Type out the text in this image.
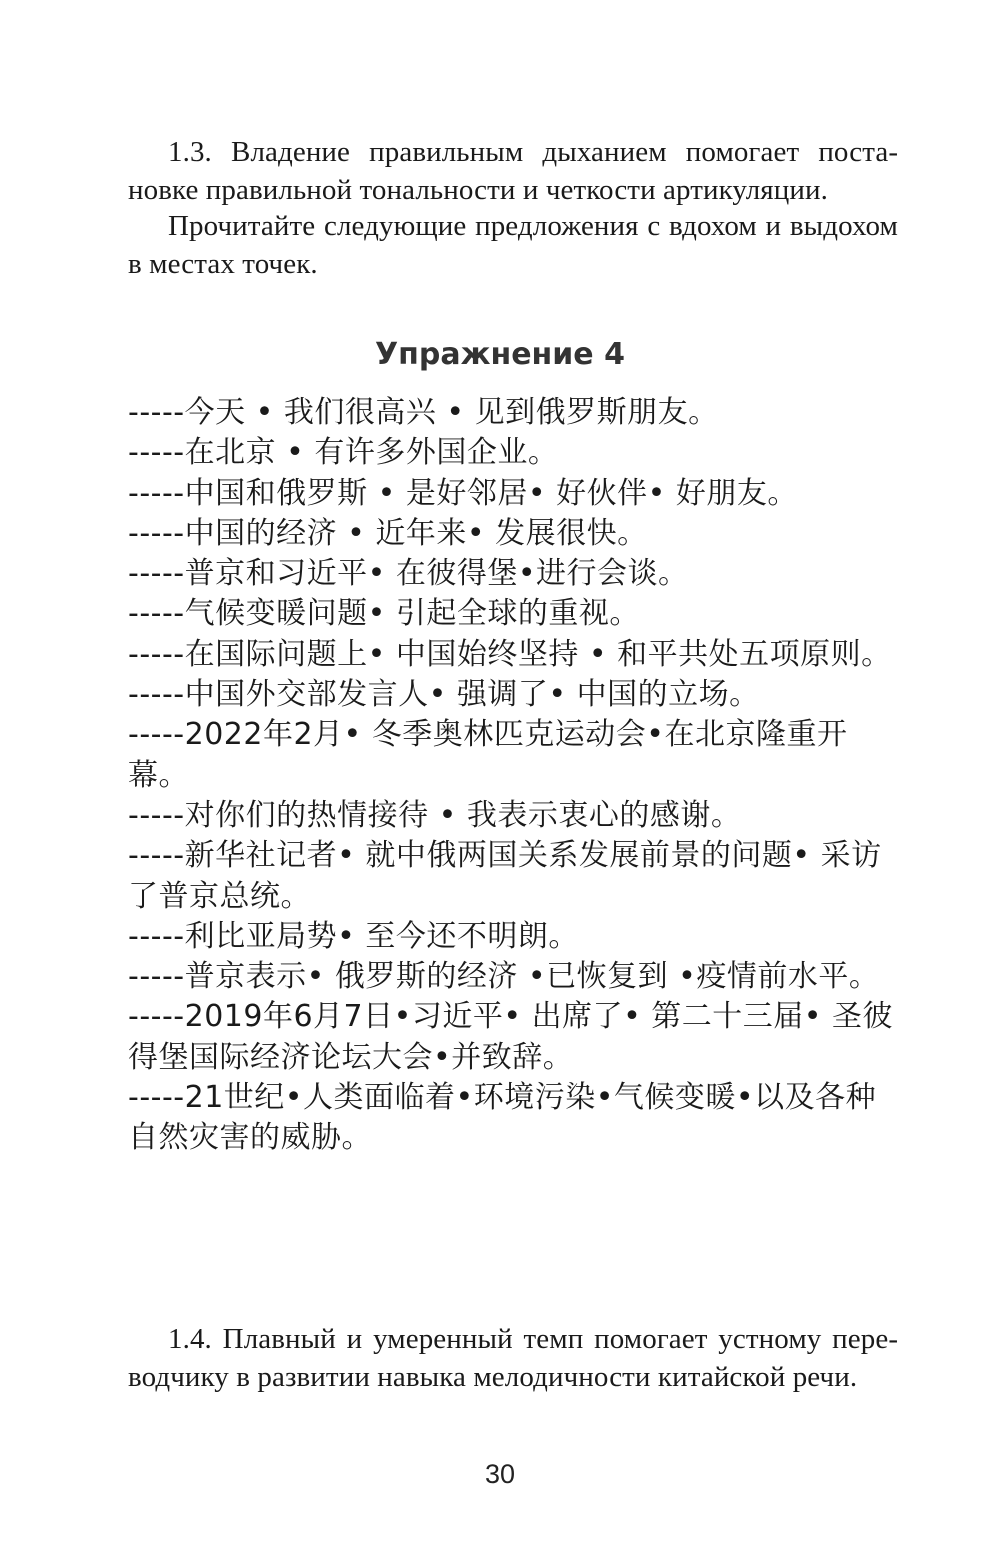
1.3. Владение правильным дыханием помогает постановке правильной тональности и четкости артикуляции.

Прочитайте следующие предложения с вдохом и выдохом в местах точек.

Упражнение 4
-----今天 • 我们很高兴 • 见到俄罗斯朋友。
-----在北京 • 有许多外国企业。
-----中国和俄罗斯 • 是好邻居• 好伙伴• 好朋友。
-----中国的经济 • 近年来• 发展很快。
-----普京和习近平• 在彼得堡•进行会谈。
-----气候变暖问题• 引起全球的重视。
-----在国际问题上• 中国始终坚持 • 和平共处五项原则。
-----中国外交部发言人• 强调了• 中国的立场。
-----2022年2月• 冬季奥林匹克运动会•在北京隆重开幕。
-----对你们的热情接待 • 我表示衷心的感谢。
-----新华社记者• 就中俄两国关系发展前景的问题• 采访了普京总统。
-----利比亚局势• 至今还不明朗。
-----普京表示• 俄罗斯的经济 •已恢复到 •疫情前水平。
-----2019年6月7日•习近平• 出席了• 第二十三届• 圣彼得堡国际经济论坛大会•并致辞。
-----21世纪•人类面临着•环境污染•气候变暖•以及各种自然灾害的威胁。

1.4. Плавный и умеренный темп помогает устному переводчику в развитии навыка мелодичности китайской речи.

30
